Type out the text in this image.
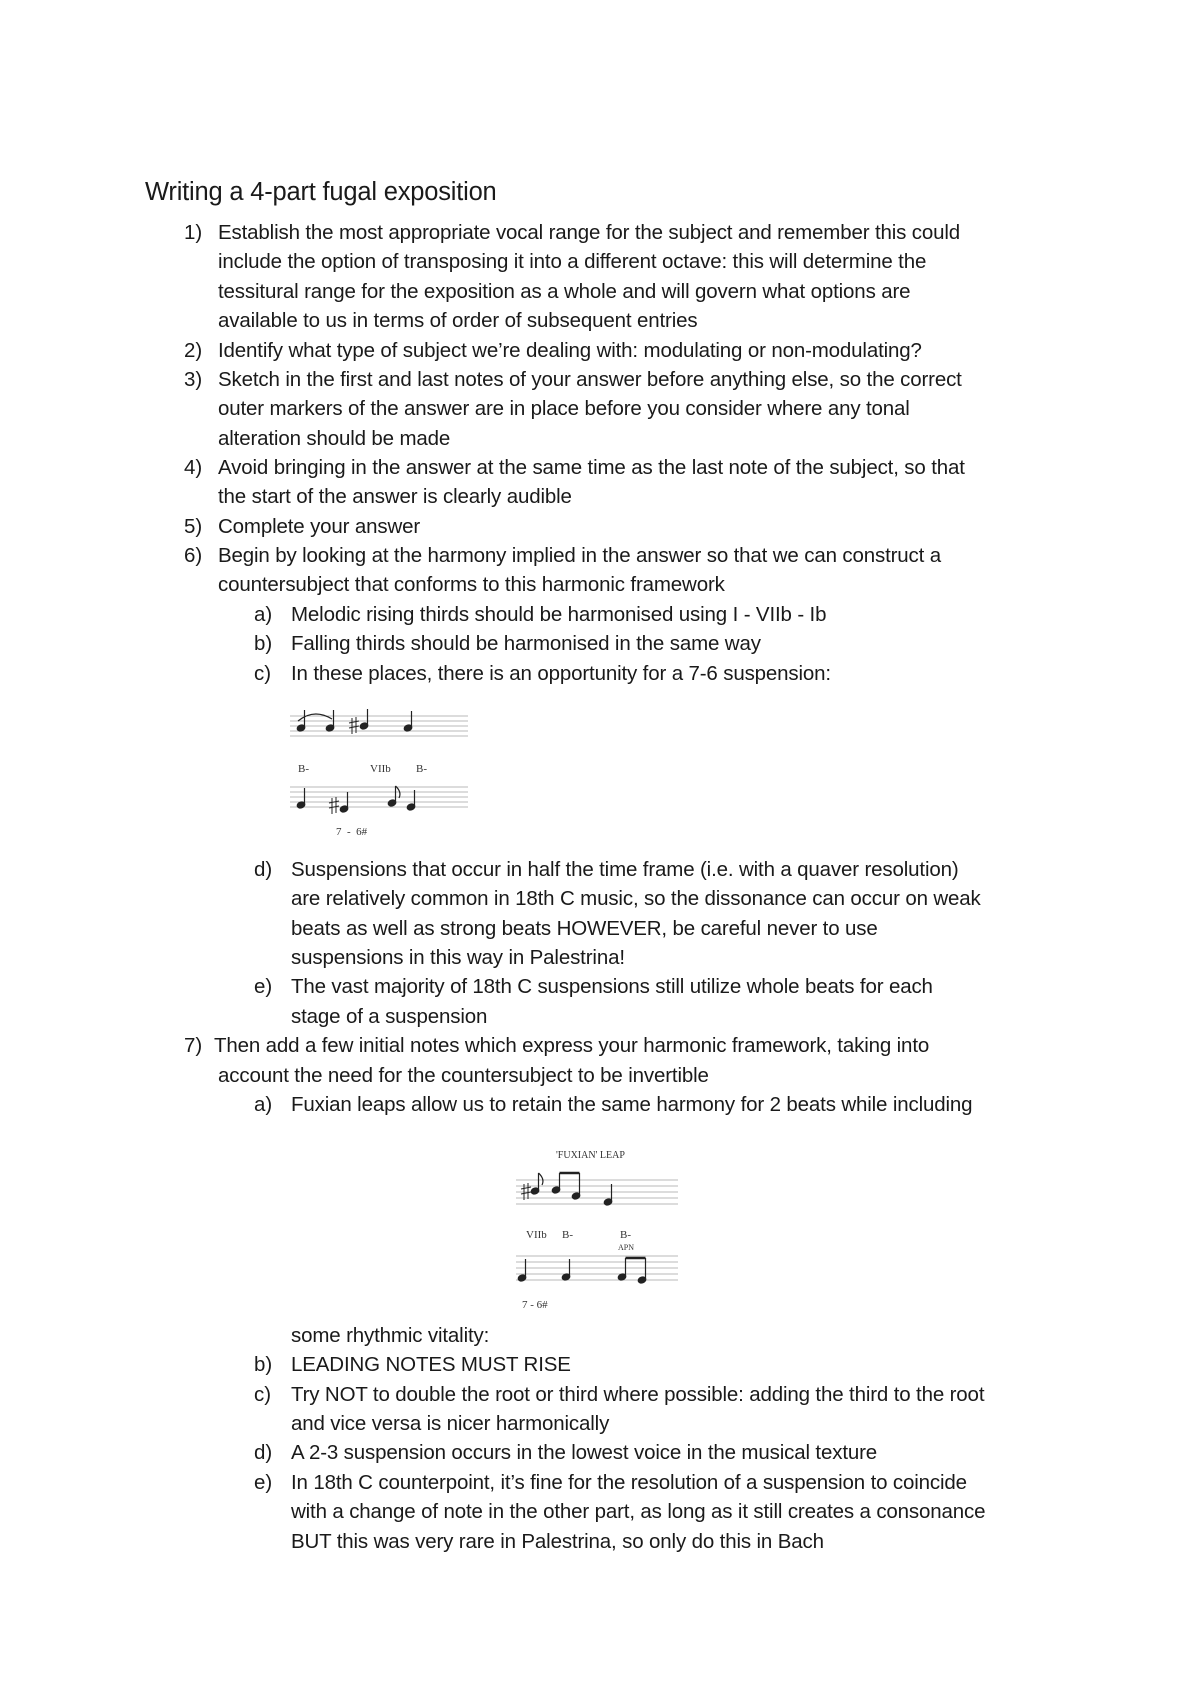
Writing a 4-part fugal exposition
1) Establish the most appropriate vocal range for the subject and remember this could
include the option of transposing it into a different octave: this will determine the
tessitural range for the exposition as a whole and will govern what options are
available to us in terms of order of subsequent entries
2) Identify what type of subject we’re dealing with: modulating or non-modulating?
3) Sketch in the first and last notes of your answer before anything else, so the correct
outer markers of the answer are in place before you consider where any tonal
alteration should be made
4) Avoid bringing in the answer at the same time as the last note of the subject, so that
the start of the answer is clearly audible
5) Complete your answer
6) Begin by looking at the harmony implied in the answer so that we can construct a
countersubject that conforms to this harmonic framework
a) Melodic rising thirds should be harmonised using I - VIIb - Ib
b) Falling thirds should be harmonised in the same way
c) In these places, there is an opportunity for a 7-6 suspension:
B-	VIIb B-
7  -  6#
d) Suspensions that occur in half the time frame (i.e. with a quaver resolution)
are relatively common in 18th C music, so the dissonance can occur on weak
beats as well as strong beats HOWEVER, be careful never to use
suspensions in this way in Palestrina!
e) The vast majority of 18th C suspensions still utilize whole beats for each
stage of a suspension
7) Then add a few initial notes which express your harmonic framework, taking into
account the need for the countersubject to be invertible
a) Fuxian leaps allow us to retain the same harmony for 2 beats while including
'FUXIAN' LEAP
VIIb B-	B-
APN
7 - 6#
some rhythmic vitality:
b) LEADING NOTES MUST RISE
c) Try NOT to double the root or third where possible: adding the third to the root
and vice versa is nicer harmonically
d) A 2-3 suspension occurs in the lowest voice in the musical texture
e) In 18th C counterpoint, it’s fine for the resolution of a suspension to coincide
with a change of note in the other part, as long as it still creates a consonance
BUT this was very rare in Palestrina, so only do this in Bach
